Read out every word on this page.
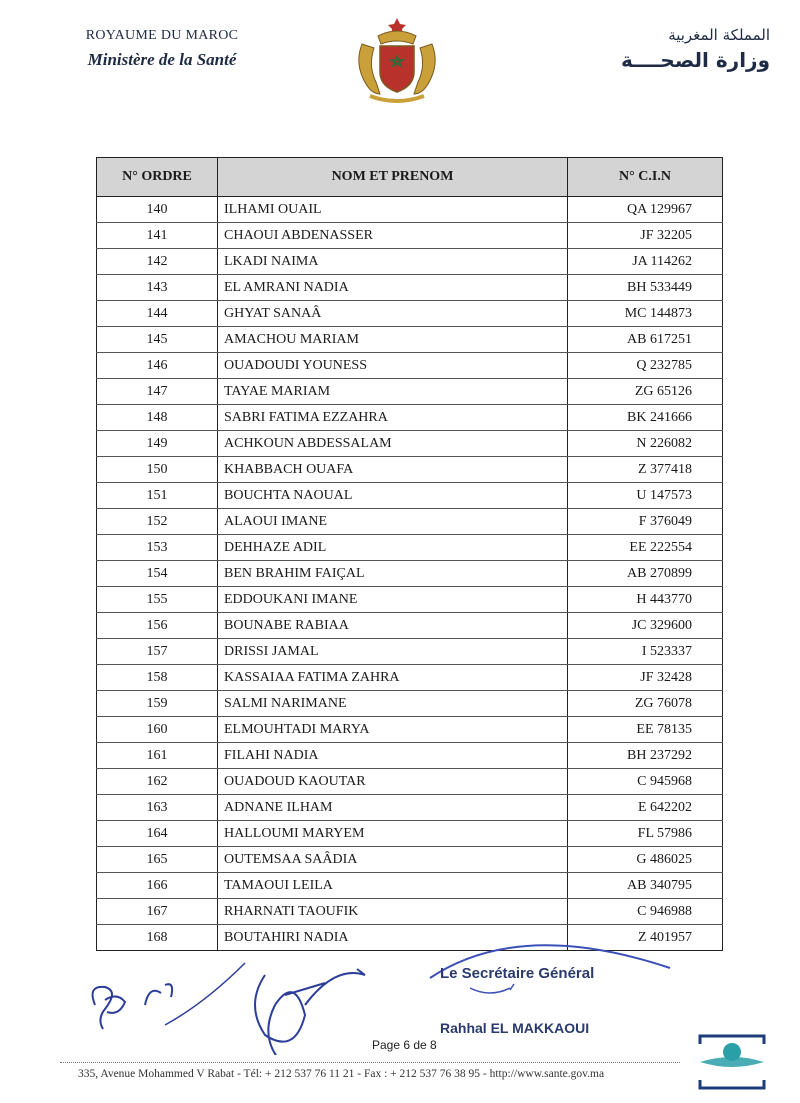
ROYAUME DU MAROC
Ministère de la Santé
المملكة المغربية
وزارة الصحــــة
N° ORDRE	NOM ET PRENOM	N° C.I.N
140	ILHAMI OUAIL	QA 129967
141	CHAOUI ABDENASSER	JF 32205
142	LKADI NAIMA	JA 114262
143	EL AMRANI NADIA	BH 533449
144	GHYAT SANAÂ	MC 144873
145	AMACHOU MARIAM	AB 617251
146	OUADOUDI YOUNESS	Q 232785
147	TAYAE MARIAM	ZG 65126
148	SABRI FATIMA EZZAHRA	BK 241666
149	ACHKOUN ABDESSALAM	N 226082
150	KHABBACH OUAFA	Z 377418
151	BOUCHTA NAOUAL	U 147573
152	ALAOUI IMANE	F 376049
153	DEHHAZE ADIL	EE 222554
154	BEN BRAHIM FAIÇAL	AB 270899
155	EDDOUKANI IMANE	H 443770
156	BOUNABE RABIAA	JC 329600
157	DRISSI JAMAL	I 523337
158	KASSAIAA FATIMA ZAHRA	JF 32428
159	SALMI NARIMANE	ZG 76078
160	ELMOUHTADI MARYA	EE 78135
161	FILAHI NADIA	BH 237292
162	OUADOUD KAOUTAR	C 945968
163	ADNANE ILHAM	E 642202
164	HALLOUMI MARYEM	FL 57986
165	OUTEMSAA SAÂDIA	G 486025
166	TAMAOUI LEILA	AB 340795
167	RHARNATI TAOUFIK	C 946988
168	BOUTAHIRI NADIA	Z 401957
Le Secrétaire Général
Rahhal EL MAKKAOUI
Page 6 de 8
335, Avenue Mohammed V Rabat - Tél: + 212 537 76 11 21 - Fax : + 212 537 76 38 95 - http://www.sante.gov.ma
